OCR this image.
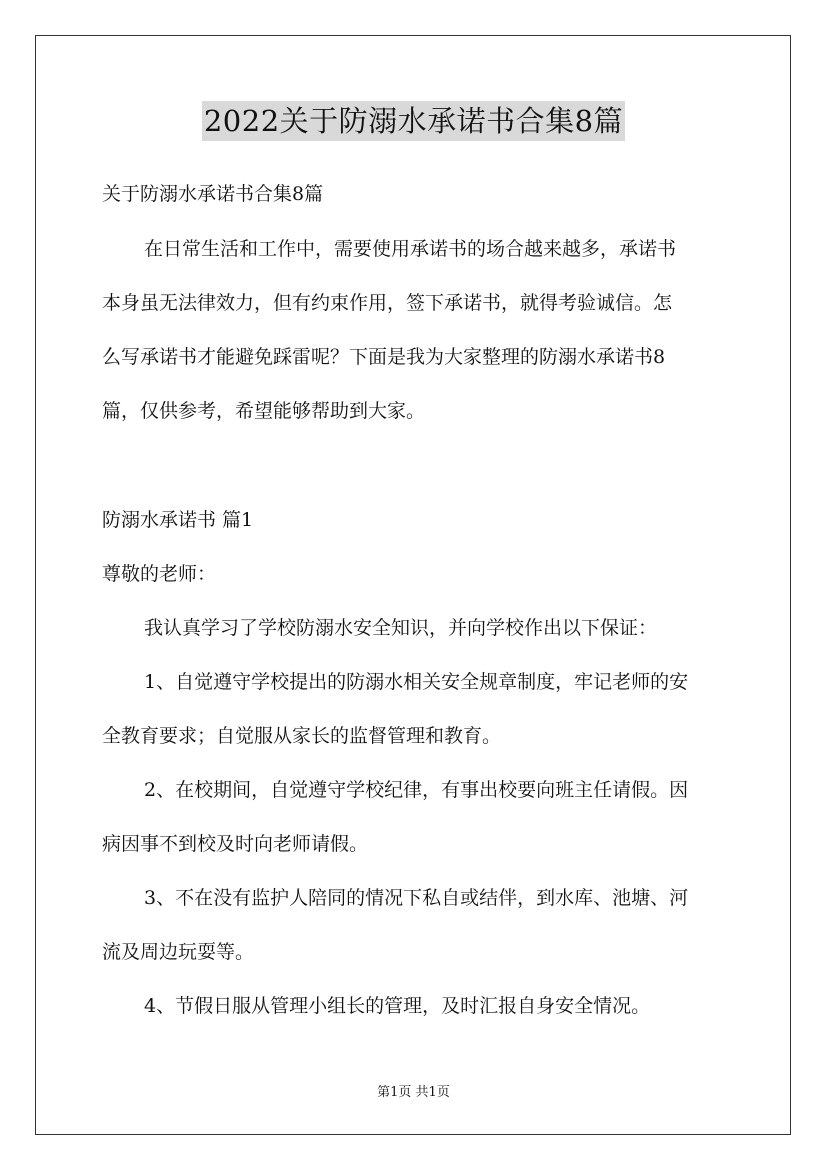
2022关于防溺水承诺书合集8篇
关于防溺水承诺书合集8篇
在日常生活和工作中，需要使用承诺书的场合越来越多，承诺书
本身虽无法律效力，但有约束作用，签下承诺书，就得考验诚信。怎
么写承诺书才能避免踩雷呢？下面是我为大家整理的防溺水承诺书8
篇，仅供参考，希望能够帮助到大家。
防溺水承诺书 篇1
尊敬的老师：
我认真学习了学校防溺水安全知识，并向学校作出以下保证：
1、自觉遵守学校提出的防溺水相关安全规章制度，牢记老师的安
全教育要求；自觉服从家长的监督管理和教育。
2、在校期间，自觉遵守学校纪律，有事出校要向班主任请假。因
病因事不到校及时向老师请假。
3、不在没有监护人陪同的情况下私自或结伴，到水库、池塘、河
流及周边玩耍等。
4、节假日服从管理小组长的管理，及时汇报自身安全情况。
第1页 共1页
